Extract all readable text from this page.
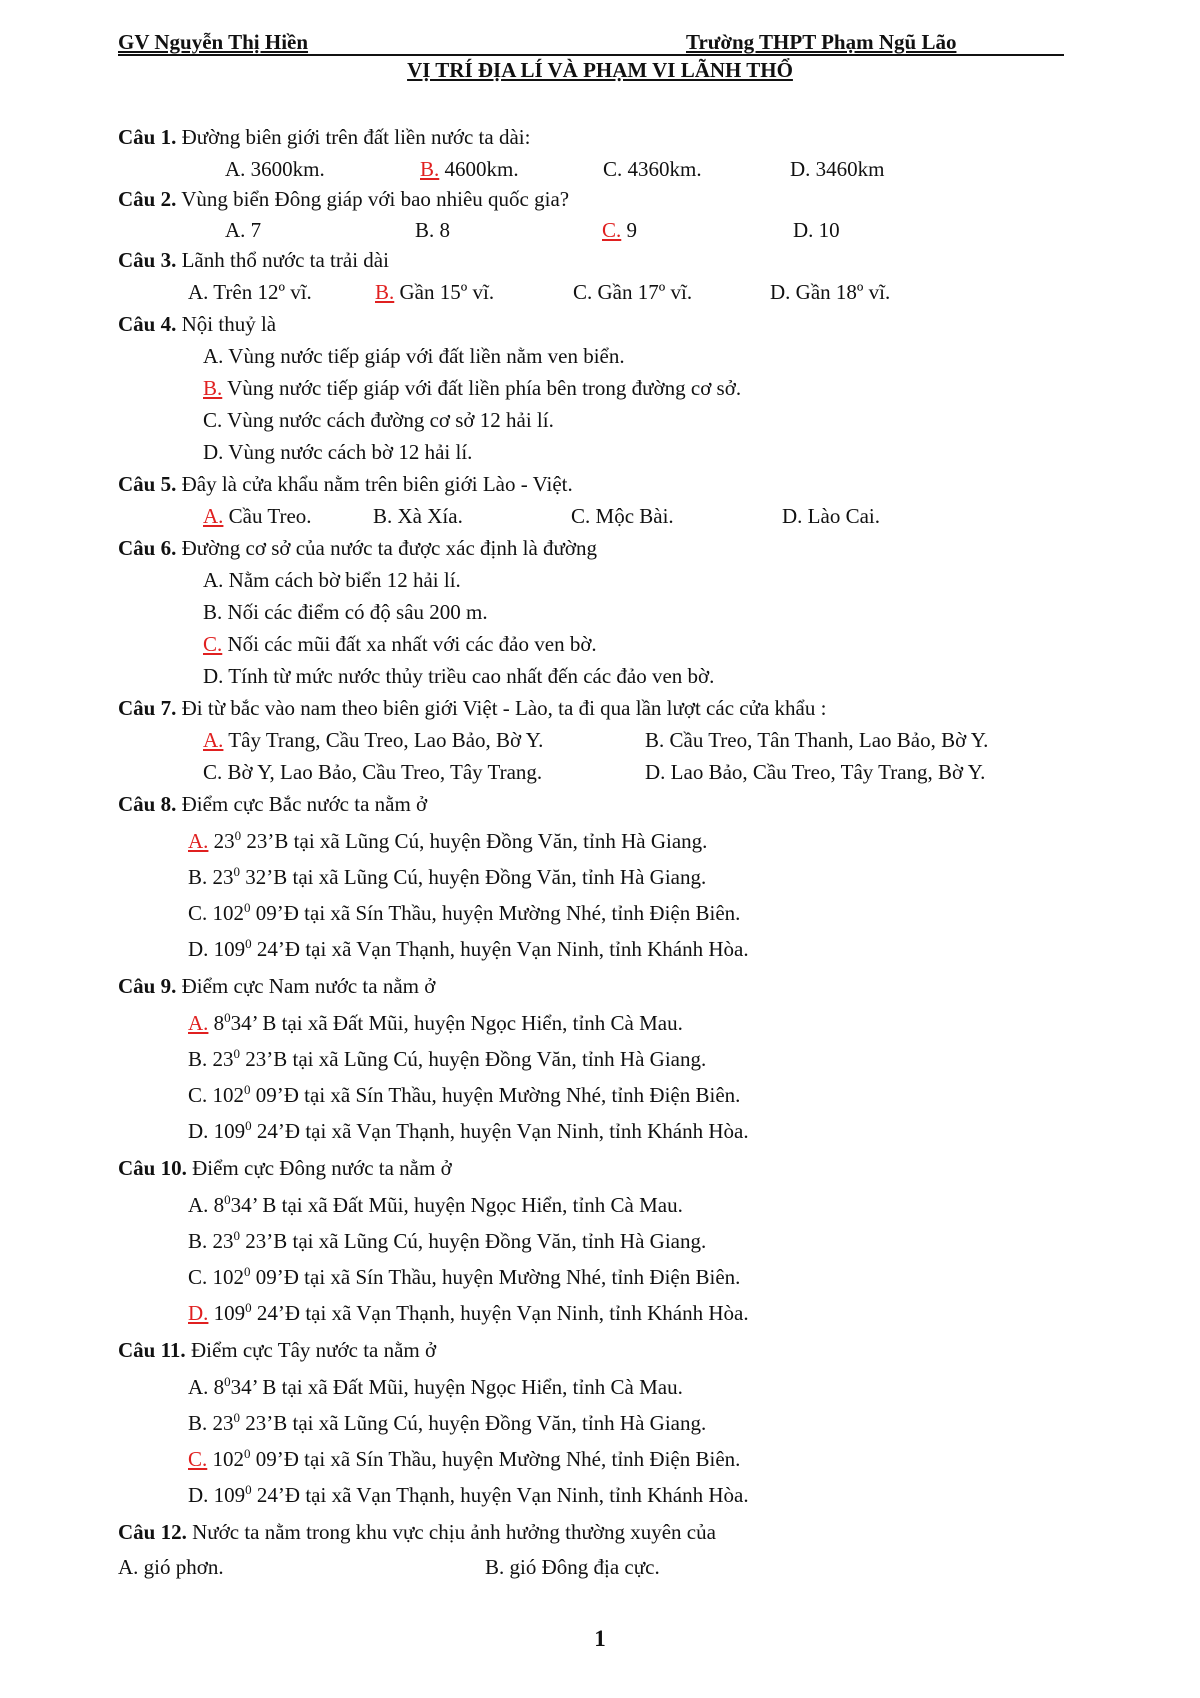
GV Nguyễn Thị Hiền	Trường THPT Phạm Ngũ Lão
VỊ TRÍ ĐỊA LÍ VÀ PHẠM VI LÃNH THỔ
Câu 1. Đường biên giới trên đất liền nước ta dài:
A. 3600km.	B. 4600km.	C. 4360km.	D. 3460km
Câu 2. Vùng biển Đông giáp với bao nhiêu quốc gia?
A. 7	B. 8	C. 9	D. 10
Câu 3. Lãnh thổ nước ta trải dài
A. Trên 12º vĩ.	B. Gần 15º vĩ.	C. Gần 17º vĩ.	D. Gần 18º vĩ.
Câu 4. Nội thuỷ là
A. Vùng nước tiếp giáp với đất liền nằm ven biển.
B. Vùng nước tiếp giáp với đất liền phía bên trong đường cơ sở.
C. Vùng nước cách đường cơ sở 12 hải lí.
D. Vùng nước cách bờ 12 hải lí.
Câu 5. Đây là cửa khẩu nằm trên biên giới Lào - Việt.
A. Cầu Treo.	B. Xà Xía.	C. Mộc Bài.	D. Lào Cai.
Câu 6. Đường cơ sở của nước ta được xác định là đường
A. Nằm cách bờ biển 12 hải lí.
B. Nối các điểm có độ sâu 200 m.
C. Nối các mũi đất xa nhất với các đảo ven bờ.
D. Tính từ mức nước thủy triều cao nhất đến các đảo ven bờ.
Câu 7. Đi từ bắc vào nam theo biên giới Việt - Lào, ta đi qua lần lượt các cửa khẩu :
A. Tây Trang, Cầu Treo, Lao Bảo, Bờ Y.	B. Cầu Treo, Tân Thanh, Lao Bảo, Bờ Y.
C. Bờ Y, Lao Bảo, Cầu Treo, Tây Trang.	D. Lao Bảo, Cầu Treo, Tây Trang, Bờ Y.
Câu 8. Điểm cực Bắc nước ta nằm ở
A. $23^0$ 23’B tại xã Lũng Cú, huyện Đồng Văn, tỉnh Hà Giang.
B. $23^0$ 32’B tại xã Lũng Cú, huyện Đồng Văn, tỉnh Hà Giang.
C. $102^0$ 09’Đ tại xã Sín Thầu, huyện Mường Nhé, tỉnh Điện Biên.
D. $109^0$ 24’Đ tại xã Vạn Thạnh, huyện Vạn Ninh, tỉnh Khánh Hòa.
Câu 9. Điểm cực Nam nước ta nằm ở
A. $8^034$’ B tại xã Đất Mũi, huyện Ngọc Hiển, tỉnh Cà Mau.
B. $23^0$ 23’B tại xã Lũng Cú, huyện Đồng Văn, tỉnh Hà Giang.
C. $102^0$ 09’Đ tại xã Sín Thầu, huyện Mường Nhé, tỉnh Điện Biên.
D. $109^0$ 24’Đ tại xã Vạn Thạnh, huyện Vạn Ninh, tỉnh Khánh Hòa.
Câu 10. Điểm cực Đông nước ta nằm ở
A. $8^034$’ B tại xã Đất Mũi, huyện Ngọc Hiển, tỉnh Cà Mau.
B. $23^0$ 23’B tại xã Lũng Cú, huyện Đồng Văn, tỉnh Hà Giang.
C. $102^0$ 09’Đ tại xã Sín Thầu, huyện Mường Nhé, tỉnh Điện Biên.
D. $109^0$ 24’Đ tại xã Vạn Thạnh, huyện Vạn Ninh, tỉnh Khánh Hòa.
Câu 11. Điểm cực Tây nước ta nằm ở
A. $8^034$’ B tại xã Đất Mũi, huyện Ngọc Hiển, tỉnh Cà Mau.
B. $23^0$ 23’B tại xã Lũng Cú, huyện Đồng Văn, tỉnh Hà Giang.
C. $102^0$ 09’Đ tại xã Sín Thầu, huyện Mường Nhé, tỉnh Điện Biên.
D. $109^0$ 24’Đ tại xã Vạn Thạnh, huyện Vạn Ninh, tỉnh Khánh Hòa.
Câu 12. Nước ta nằm trong khu vực chịu ảnh hưởng thường xuyên của
A. gió phơn.	B. gió Đông địa cực.
1
